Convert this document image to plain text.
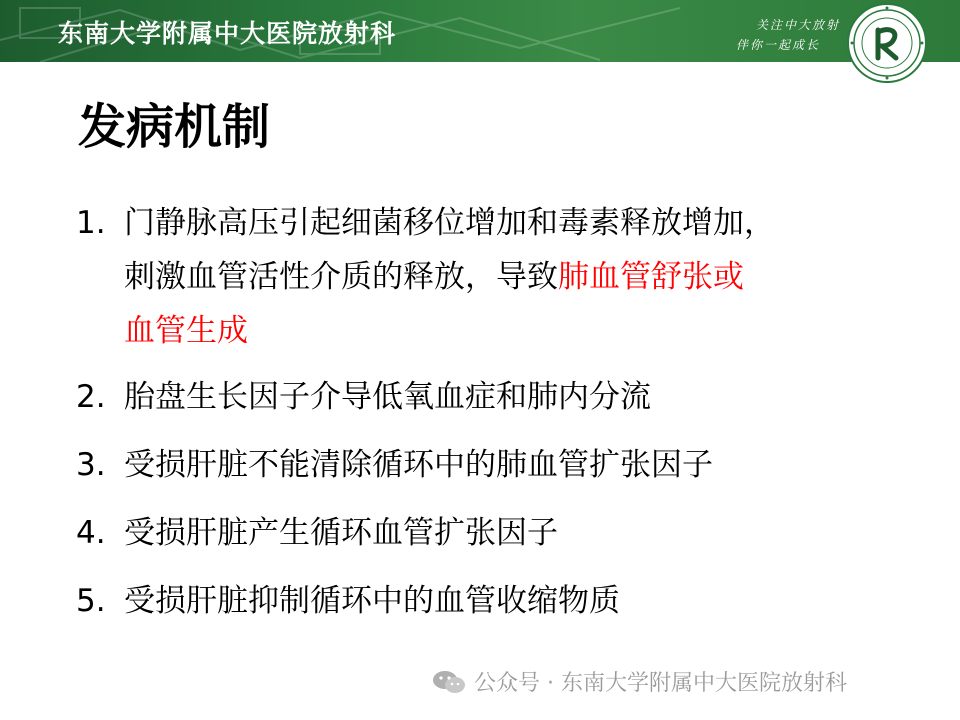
东南大学附属中大医院放射科	关注中大放射
伴你一起成长
发病机制
1. 门静脉高压引起细菌移位增加和毒素释放增加，
刺激血管活性介质的释放，导致肺血管舒张或
血管生成
2. 胎盘生长因子介导低氧血症和肺内分流
3. 受损肝脏不能清除循环中的肺血管扩张因子
4. 受损肝脏产生循环血管扩张因子
5. 受损肝脏抑制循环中的血管收缩物质
公众号 · 东南大学附属中大医院放射科
